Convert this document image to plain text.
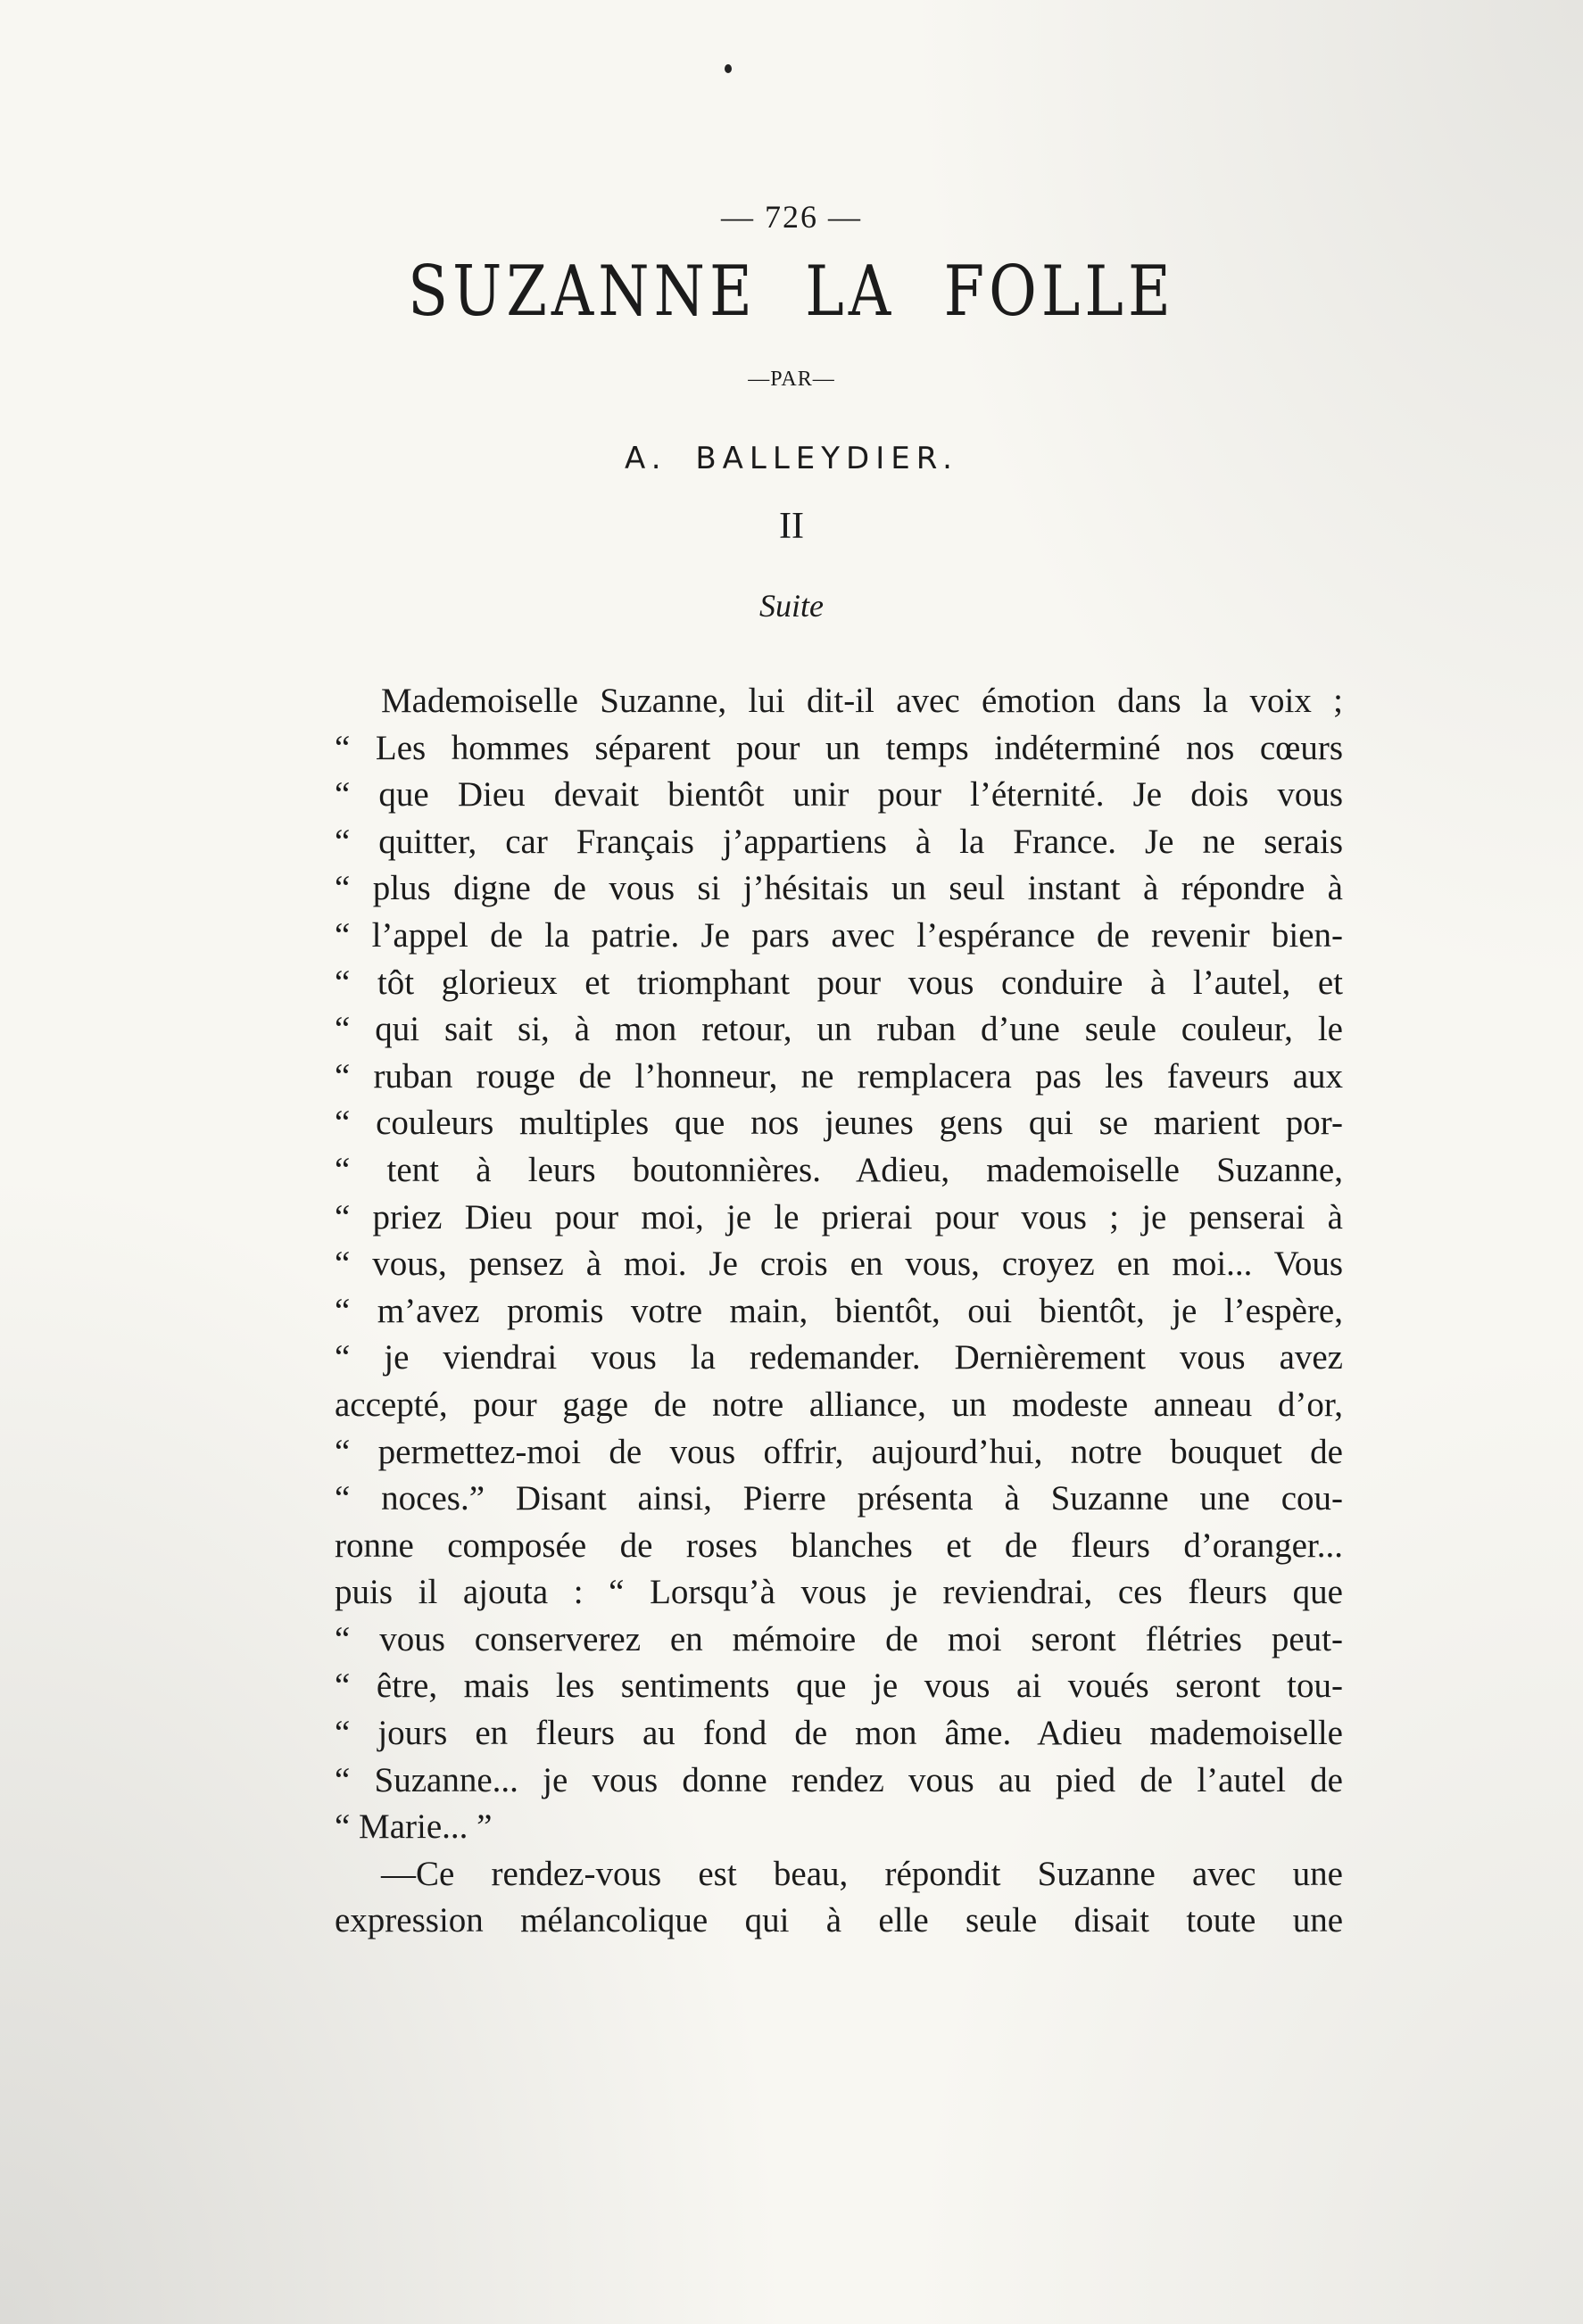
— 726 —
SUZANNE LA FOLLE
—PAR—
A. BALLEYDIER.
II
Suite
Mademoiselle Suzanne, lui dit-il avec émotion dans la voix ;
“ Les hommes séparent pour un temps indéterminé nos cœurs
“ que Dieu devait bientôt unir pour l’éternité. Je dois vous
“ quitter, car Français j’appartiens à la France. Je ne serais
“ plus digne de vous si j’hésitais un seul instant à répondre à
“ l’appel de la patrie. Je pars avec l’espérance de revenir bien-
“ tôt glorieux et triomphant pour vous conduire à l’autel, et
“ qui sait si, à mon retour, un ruban d’une seule couleur, le
“ ruban rouge de l’honneur, ne remplacera pas les faveurs aux
“ couleurs multiples que nos jeunes gens qui se marient por-
“ tent à leurs boutonnières. Adieu, mademoiselle Suzanne,
“ priez Dieu pour moi, je le prierai pour vous ; je penserai à
“ vous, pensez à moi. Je crois en vous, croyez en moi... Vous
“ m’avez promis votre main, bientôt, oui bientôt, je l’espère,
“ je viendrai vous la redemander. Dernièrement vous avez
accepté, pour gage de notre alliance, un modeste anneau d’or,
“ permettez-moi de vous offrir, aujourd’hui, notre bouquet de
“ noces.” Disant ainsi, Pierre présenta à Suzanne une cou-
ronne composée de roses blanches et de fleurs d’oranger...
puis il ajouta : “ Lorsqu’à vous je reviendrai, ces fleurs que
“ vous conserverez en mémoire de moi seront flétries peut-
“ être, mais les sentiments que je vous ai voués seront tou-
“ jours en fleurs au fond de mon âme. Adieu mademoiselle
“ Suzanne... je vous donne rendez vous au pied de l’autel de
“ Marie... ”
—Ce rendez-vous est beau, répondit Suzanne avec une
expression mélancolique qui à elle seule disait toute une
